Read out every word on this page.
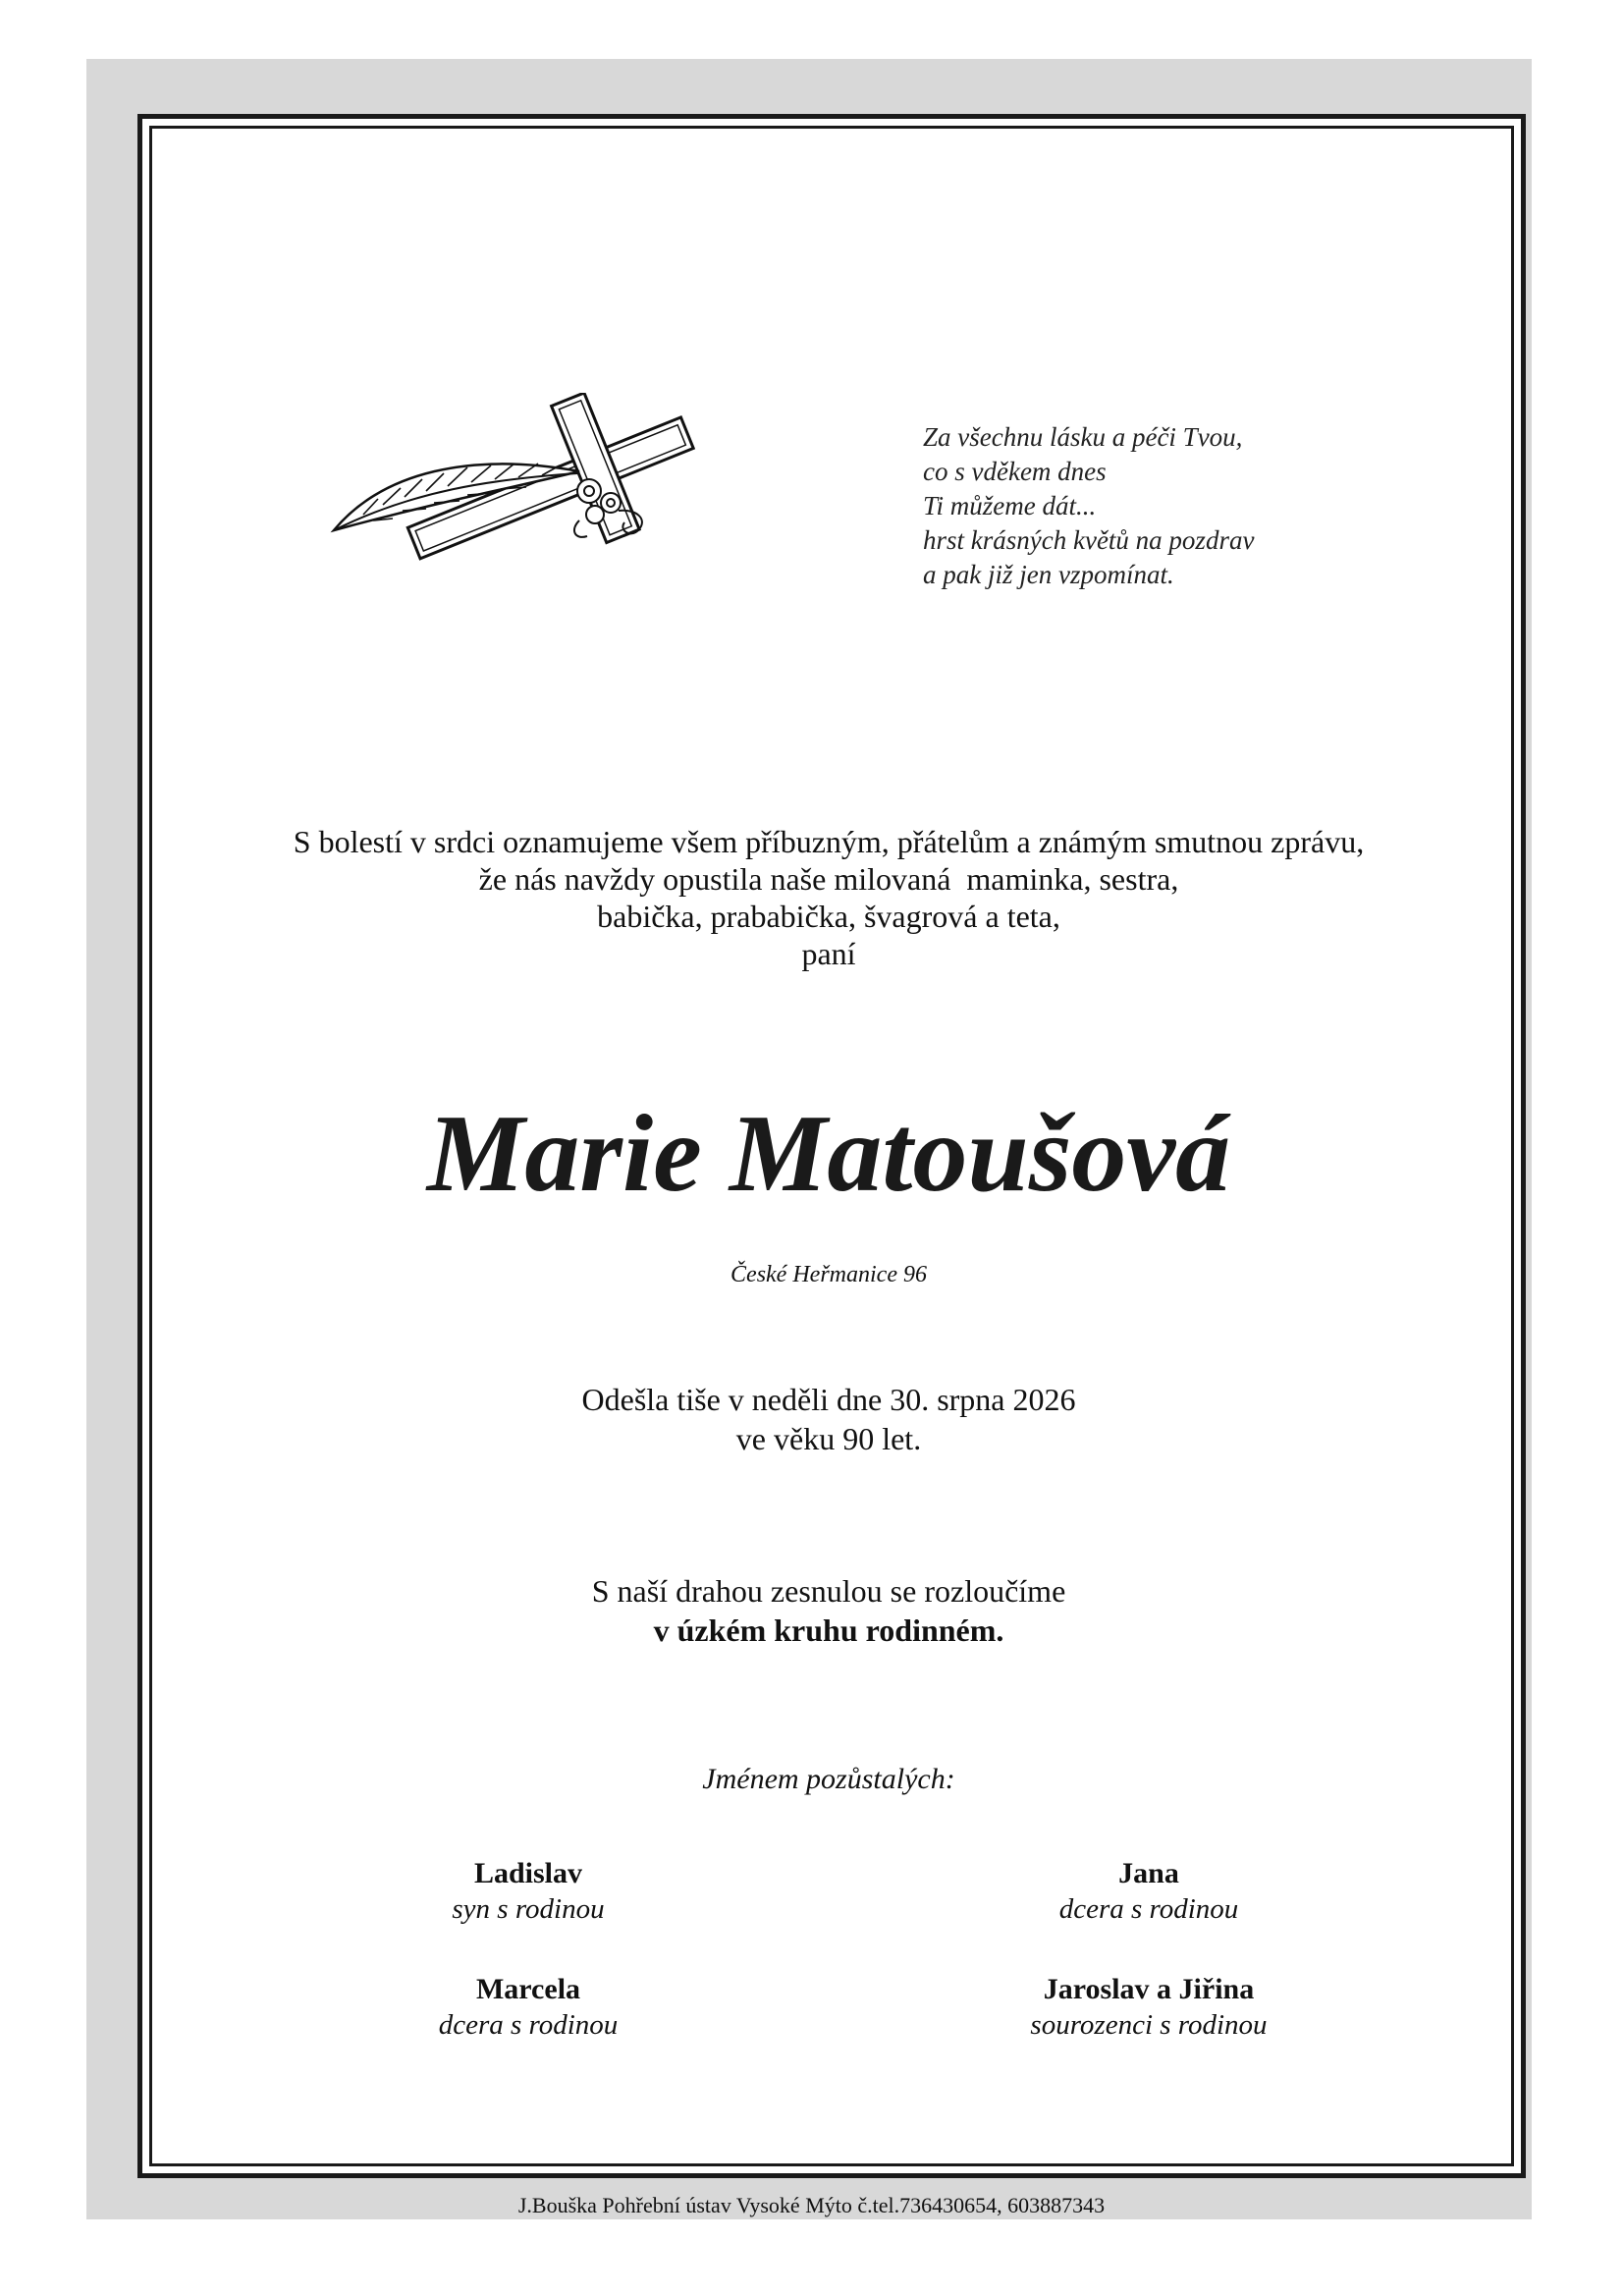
Za všechnu lásku a péči Tvou,
co s vděkem dnes
Ti můžeme dát...
hrst krásných květů na pozdrav
a pak již jen vzpomínat.
S bolestí v srdci oznamujeme všem příbuzným, přátelům a známým smutnou zprávu,
že nás navždy opustila naše milovaná  maminka, sestra,
babička, prababička, švagrová a teta,
paní
Marie Matoušová
České Heřmanice 96
Odešla tiše v neděli dne 30. srpna 2026
ve věku 90 let.
S naší drahou zesnulou se rozloučíme
v úzkém kruhu rodinném.
Jménem pozůstalých:
Ladislav
syn s rodinou
Jana
dcera s rodinou
Marcela
dcera s rodinou
Jaroslav a Jiřina
sourozenci s rodinou
J.Bouška Pohřební ústav Vysoké Mýto č.tel.736430654, 603887343
